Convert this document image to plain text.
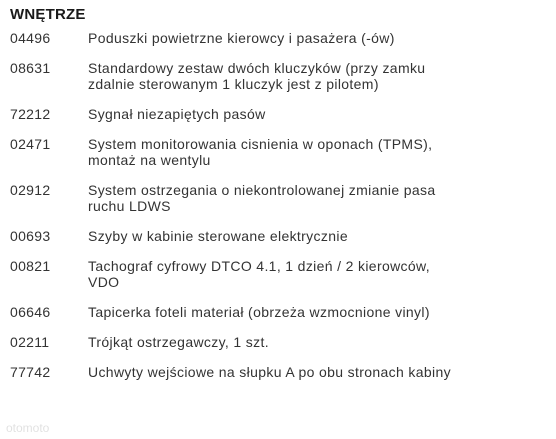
WNĘTRZE
04496	Poduszki powietrzne kierowcy i pasażera (-ów)
08631	Standardowy zestaw dwóch kluczyków (przy zamku zdalnie sterowanym 1 kluczyk jest z pilotem)
72212	Sygnał niezapiętych pasów
02471	System monitorowania cisnienia w oponach (TPMS), montaż na wentylu
02912	System ostrzegania o niekontrolowanej zmianie pasa ruchu LDWS
00693	Szyby w kabinie sterowane elektrycznie
00821	Tachograf cyfrowy DTCO 4.1, 1 dzień / 2 kierowców, VDO
06646	Tapicerka foteli materiał (obrzeża wzmocnione vinyl)
02211	Trójkąt ostrzegawczy, 1 szt.
77742	Uchwyty wejściowe na słupku A po obu stronach kabiny
otomoto
